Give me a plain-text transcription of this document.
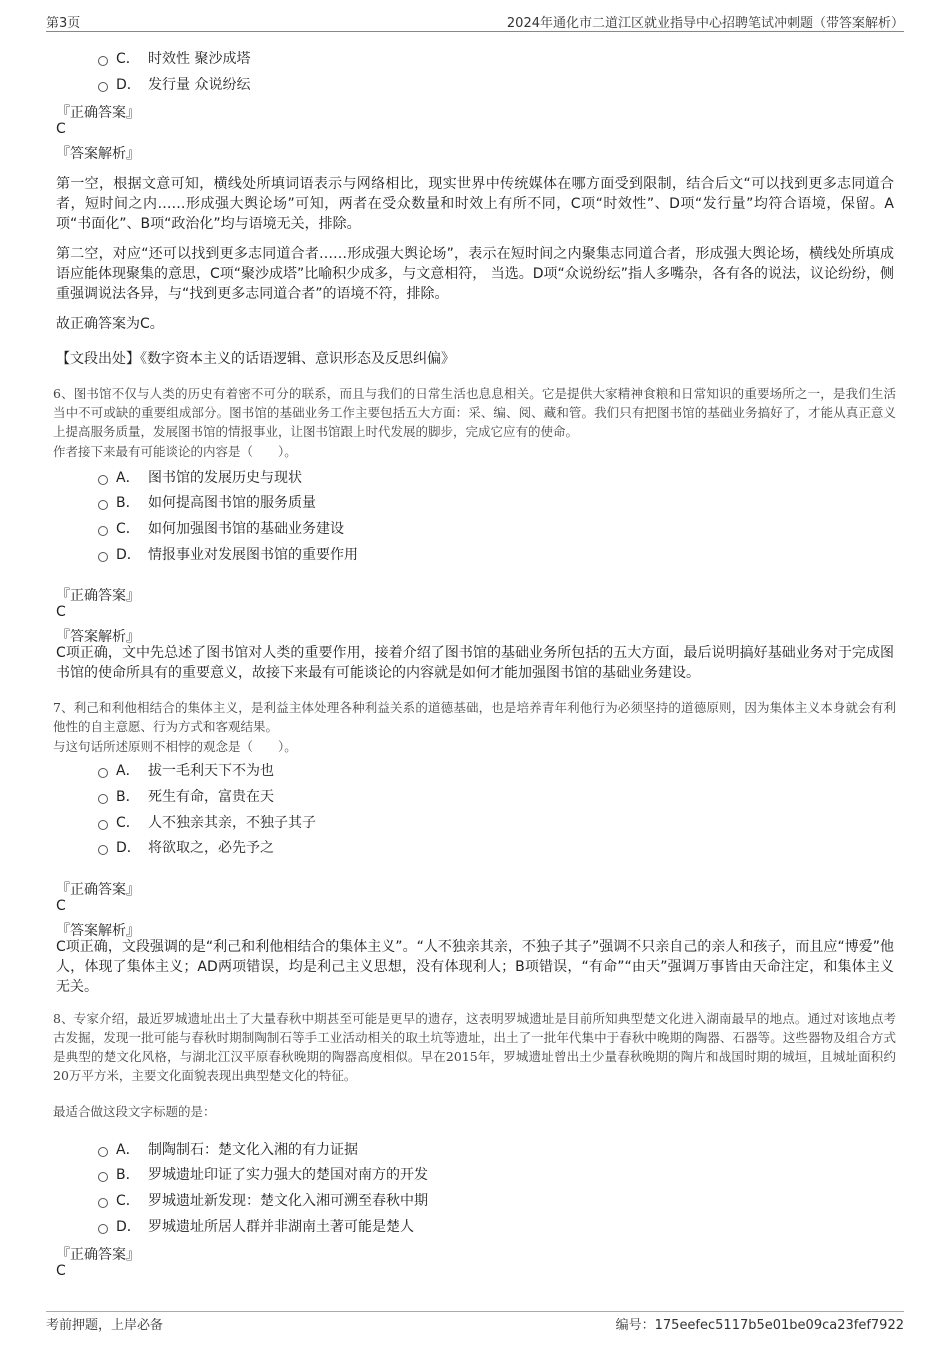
第3页	2024年通化市二道江区就业指导中心招聘笔试冲刺题（带答案解析）
C． 时效性 聚沙成塔
D． 发行量 众说纷纭
『正确答案』
C
『答案解析』
第一空，根据文意可知，横线处所填词语表示与网络相比，现实世界中传统媒体在哪方面受到限制，结合后文“可以找到更多志同道合者，短时间之内……形成强大舆论场”可知，两者在受众数量和时效上有所不同，C项“时效性”、D项“发行量”均符合语境，保留。A项“书面化”、B项“政治化”均与语境无关，排除。
第二空，对应“还可以找到更多志同道合者……形成强大舆论场”，表示在短时间之内聚集志同道合者，形成强大舆论场，横线处所填成语应能体现聚集的意思，C项“聚沙成塔”比喻积少成多，与文意相符， 当选。D项“众说纷纭”指人多嘴杂，各有各的说法，议论纷纷，侧重强调说法各异，与“找到更多志同道合者”的语境不符，排除。
故正确答案为C。
【文段出处】《数字资本主义的话语逻辑、意识形态及反思纠偏》
6、图书馆不仅与人类的历史有着密不可分的联系，而且与我们的日常生活也息息相关。它是提供大家精神食粮和日常知识的重要场所之一，是我们生活当中不可或缺的重要组成部分。图书馆的基础业务工作主要包括五大方面：采、编、阅、藏和管。我们只有把图书馆的基础业务搞好了，才能从真正意义上提高服务质量，发展图书馆的情报事业，让图书馆跟上时代发展的脚步，完成它应有的使命。
作者接下来最有可能谈论的内容是（　　）。
A． 图书馆的发展历史与现状
B． 如何提高图书馆的服务质量
C． 如何加强图书馆的基础业务建设
D． 情报事业对发展图书馆的重要作用
『正确答案』
C
『答案解析』
C项正确，文中先总述了图书馆对人类的重要作用，接着介绍了图书馆的基础业务所包括的五大方面，最后说明搞好基础业务对于完成图书馆的使命所具有的重要意义，故接下来最有可能谈论的内容就是如何才能加强图书馆的基础业务建设。
7、利己和利他相结合的集体主义，是利益主体处理各种利益关系的道德基础，也是培养青年利他行为必须坚持的道德原则，因为集体主义本身就会有利他性的自主意愿、行为方式和客观结果。
与这句话所述原则不相悖的观念是（　　）。
A． 拔一毛利天下不为也
B． 死生有命，富贵在天
C． 人不独亲其亲，不独子其子
D． 将欲取之，必先予之
『正确答案』
C
『答案解析』
C项正确，文段强调的是“利己和利他相结合的集体主义”。“人不独亲其亲，不独子其子”强调不只亲自己的亲人和孩子，而且应“博爱”他人，体现了集体主义；AD两项错误，均是利己主义思想，没有体现利人；B项错误，“有命”“由天”强调万事皆由天命注定，和集体主义无关。
8、专家介绍，最近罗城遗址出土了大量春秋中期甚至可能是更早的遗存，这表明罗城遗址是目前所知典型楚文化进入湖南最早的地点。通过对该地点考古发掘，发现一批可能与春秋时期制陶制石等手工业活动相关的取土坑等遗址，出土了一批年代集中于春秋中晚期的陶器、石器等。这些器物及组合方式是典型的楚文化风格，与湖北江汉平原春秋晚期的陶器高度相似。早在2015年，罗城遗址曾出土少量春秋晚期的陶片和战国时期的城垣，且城址面积约20万平方米，主要文化面貌表现出典型楚文化的特征。
最适合做这段文字标题的是：
A． 制陶制石：楚文化入湘的有力证据
B． 罗城遗址印证了实力强大的楚国对南方的开发
C． 罗城遗址新发现：楚文化入湘可溯至春秋中期
D． 罗城遗址所居人群并非湖南土著可能是楚人
『正确答案』
C
考前押题，上岸必备	编号：175eefec5117b5e01be09ca23fef7922
